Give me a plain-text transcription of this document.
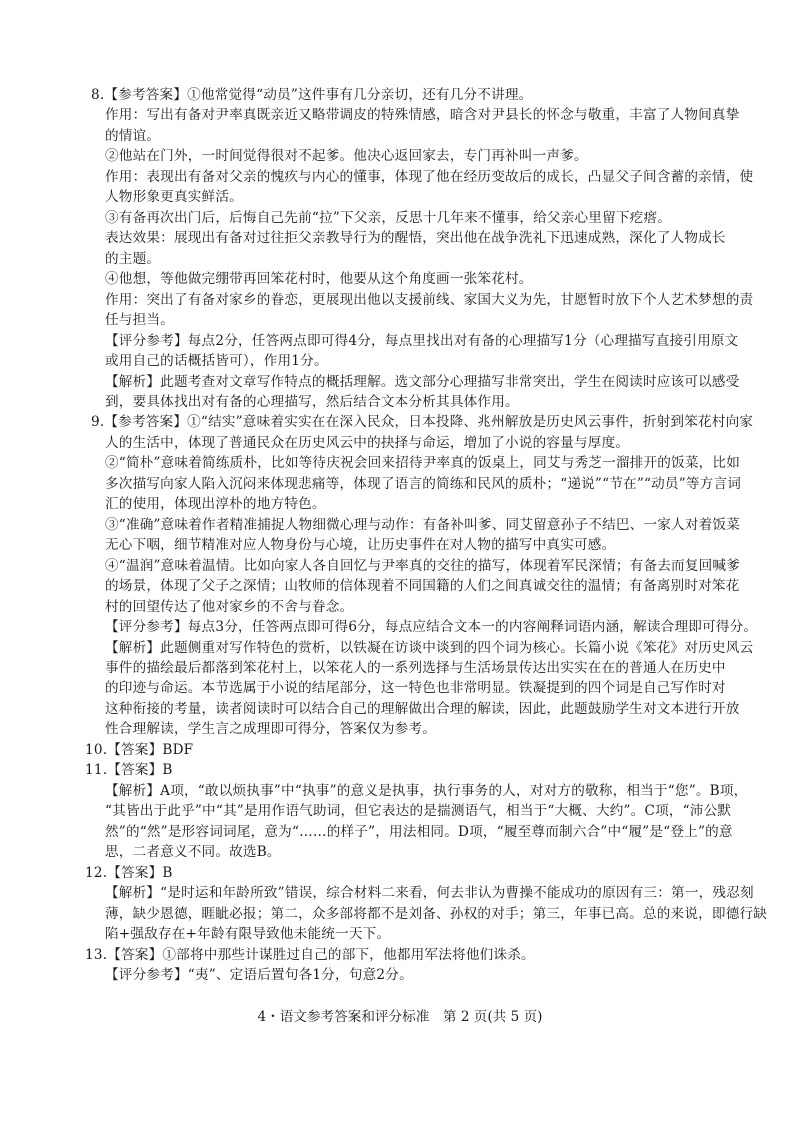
8.【参考答案】①他常觉得“动员”这件事有几分亲切，还有几分不讲理。
作用：写出有备对尹率真既亲近又略带调皮的特殊情感，暗含对尹县长的怀念与敬重，丰富了人物间真挚
的情谊。
②他站在门外，一时间觉得很对不起爹。他决心返回家去，专门再补叫一声爹。
作用：表现出有备对父亲的愧疚与内心的懂事，体现了他在经历变故后的成长，凸显父子间含蓄的亲情，使
人物形象更真实鲜活。
③有备再次出门后，后悔自己先前“拉”下父亲，反思十几年来不懂事，给父亲心里留下疙瘩。
表达效果：展现出有备对过往拒父亲教导行为的醒悟，突出他在战争洗礼下迅速成熟，深化了人物成长
的主题。
④他想，等他做完绷带再回笨花村时，他要从这个角度画一张笨花村。
作用：突出了有备对家乡的眷恋，更展现出他以支援前线、家国大义为先，甘愿暂时放下个人艺术梦想的责
任与担当。
【评分参考】每点2分，任答两点即可得4分，每点里找出对有备的心理描写1分（心理描写直接引用原文
或用自己的话概括皆可），作用1分。
【解析】此题考查对文章写作特点的概括理解。选文部分心理描写非常突出，学生在阅读时应该可以感受
到，要具体找出对有备的心理描写，然后结合文本分析其具体作用。
9.【参考答案】①“结实”意味着实实在在深入民众，日本投降、兆州解放是历史风云事件，折射到笨花村向家
人的生活中，体现了普通民众在历史风云中的抉择与命运，增加了小说的容量与厚度。
②“简朴”意味着简练质朴，比如等待庆祝会回来招待尹率真的饭桌上，同艾与秀芝一溜排开的饭菜，比如
多次描写向家人陷入沉闷来体现悲痛等，体现了语言的简练和民风的质朴；“递说”“节在”“动员”等方言词
汇的使用，体现出淳朴的地方特色。
③“准确”意味着作者精准捕捉人物细微心理与动作：有备补叫爹、同艾留意孙子不结巴、一家人对着饭菜
无心下咽，细节精准对应人物身份与心境，让历史事件在对人物的描写中真实可感。
④“温润”意味着温情。比如向家人各自回忆与尹率真的交往的描写，体现着军民深情；有备去而复回喊爹
的场景，体现了父子之深情；山牧师的信体现着不同国籍的人们之间真诚交往的温情；有备离别时对笨花
村的回望传达了他对家乡的不舍与眷念。
【评分参考】每点3分，任答两点即可得6分，每点应结合文本一的内容阐释词语内涵，解读合理即可得分。
【解析】此题侧重对写作特色的赏析，以铁凝在访谈中谈到的四个词为核心。长篇小说《笨花》对历史风云
事件的描绘最后都落到笨花村上，以笨花人的一系列选择与生活场景传达出实实在在的普通人在历史中
的印迹与命运。本节选属于小说的结尾部分，这一特色也非常明显。铁凝提到的四个词是自己写作时对
这种衔接的考量，读者阅读时可以结合自己的理解做出合理的解读，因此，此题鼓励学生对文本进行开放
性合理解读，学生言之成理即可得分，答案仅为参考。
10.【答案】BDF
11.【答案】B
【解析】A项，“敢以烦执事”中“执事”的意义是执事，执行事务的人，对对方的敬称，相当于“您”。B项，
“其皆出于此乎”中“其”是用作语气助词，但它表达的是揣测语气，相当于“大概、大约”。C项，“沛公默
然”的“然”是形容词词尾，意为“……的样子”，用法相同。D项，“履至尊而制六合”中“履”是“登上”的意
思，二者意义不同。故选B。
12.【答案】B
【解析】“是时运和年龄所致”错误，综合材料二来看，何去非认为曹操不能成功的原因有三：第一，残忍刻
薄，缺少恩德，睚眦必报；第二，众多部将都不是刘备、孙权的对手；第三，年事已高。总的来说，即德行缺
陷+强敌存在+年龄有限导致他未能统一天下。
13.【答案】①部将中那些计谋胜过自己的部下，他都用军法将他们诛杀。
【评分参考】“夷”、定语后置句各1分，句意2分。
4・语文参考答案和评分标准　第 2 页(共 5 页)
